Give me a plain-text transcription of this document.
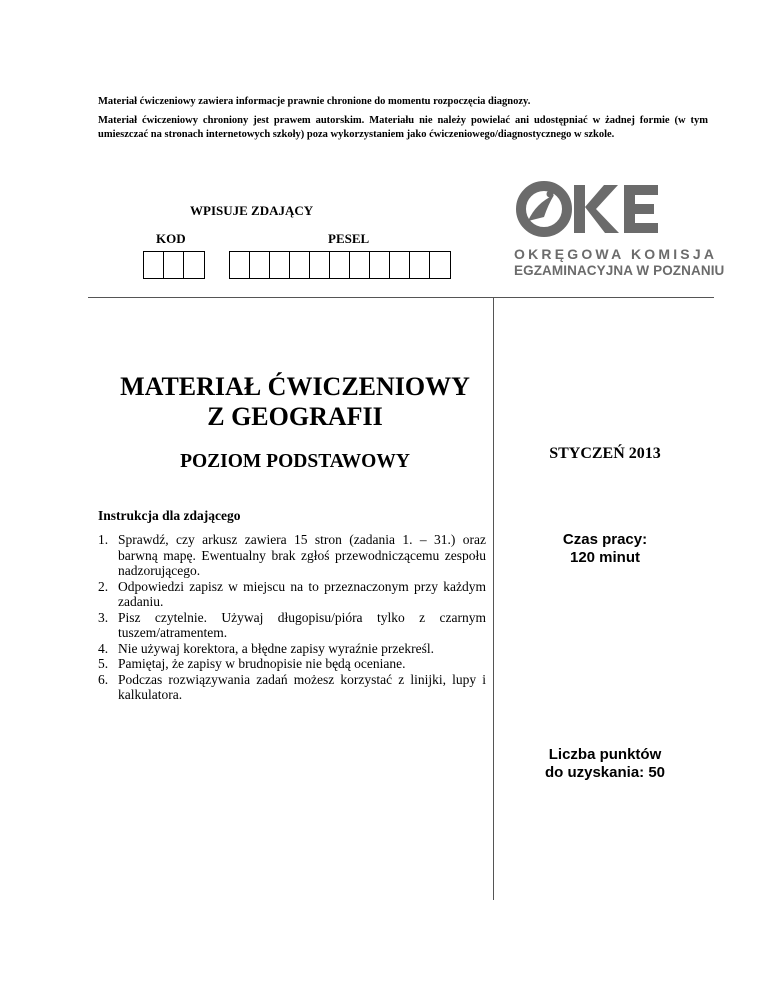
Materiał ćwiczeniowy zawiera informacje prawnie chronione do momentu rozpoczęcia diagnozy.
Materiał ćwiczeniowy chroniony jest prawem autorskim. Materiału nie należy powielać ani udostępniać w żadnej formie (w tym umieszczać na stronach internetowych szkoły) poza wykorzystaniem jako ćwiczeniowego/diagnostycznego w szkole.
WPISUJE ZDAJĄCY
KOD	PESEL
OKRĘGOWA KOMISJA
EGZAMINACYJNA W POZNANIU
MATERIAŁ ĆWICZENIOWY
Z GEOGRAFII
POZIOM PODSTAWOWY	STYCZEŃ 2013
Instrukcja dla zdającego
1. Sprawdź, czy arkusz zawiera 15 stron (zadania 1. – 31.) oraz barwną mapę. Ewentualny brak zgłoś przewodniczącemu zespołu nadzorującego.
2. Odpowiedzi zapisz w miejscu na to przeznaczonym przy każdym zadaniu.
3. Pisz czytelnie. Używaj długopisu/pióra tylko z czarnym tuszem/atramentem.
4. Nie używaj korektora, a błędne zapisy wyraźnie przekreśl.
5. Pamiętaj, że zapisy w brudnopisie nie będą oceniane.
6. Podczas rozwiązywania zadań możesz korzystać z linijki, lupy i kalkulatora.
Czas pracy:
120 minut
Liczba punktów
do uzyskania: 50
